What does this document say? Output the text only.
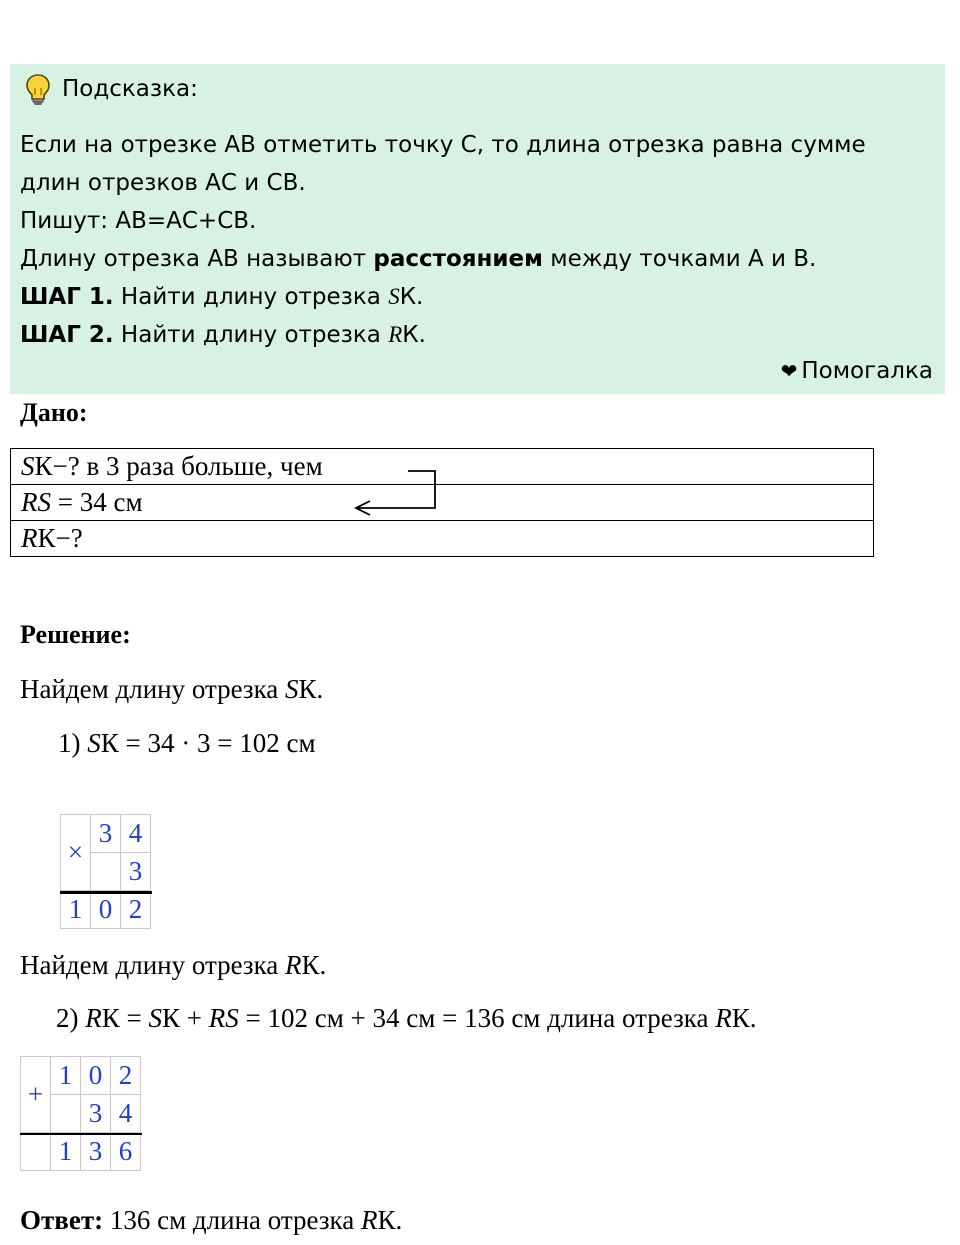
Подсказка:
Если на отрезке АВ отметить точку С, то длина отрезка равна сумме
длин отрезков АС и СВ.
Пишут: АВ=АС+СВ.
Длину отрезка АВ называют расстоянием между точками А и В.
ШАГ 1. Найти длину отрезка SК.
ШАГ 2. Найти длину отрезка RК.
❤ Помогалка
Дано:
SК−? в 3 раза больше, чем
RS = 34 см
RК−?
Решение:
Найдем длину отрезка SК.
1) SК = 34 · 3 = 102 см
×	3	4
		3
1	0	2
Найдем длину отрезка RК.
2) RК = SК + RS = 102 см + 34 см = 136 см длина отрезка RК.
+	1	0	2
		3	4
	1	3	6
Ответ: 136 см длина отрезка RК.
